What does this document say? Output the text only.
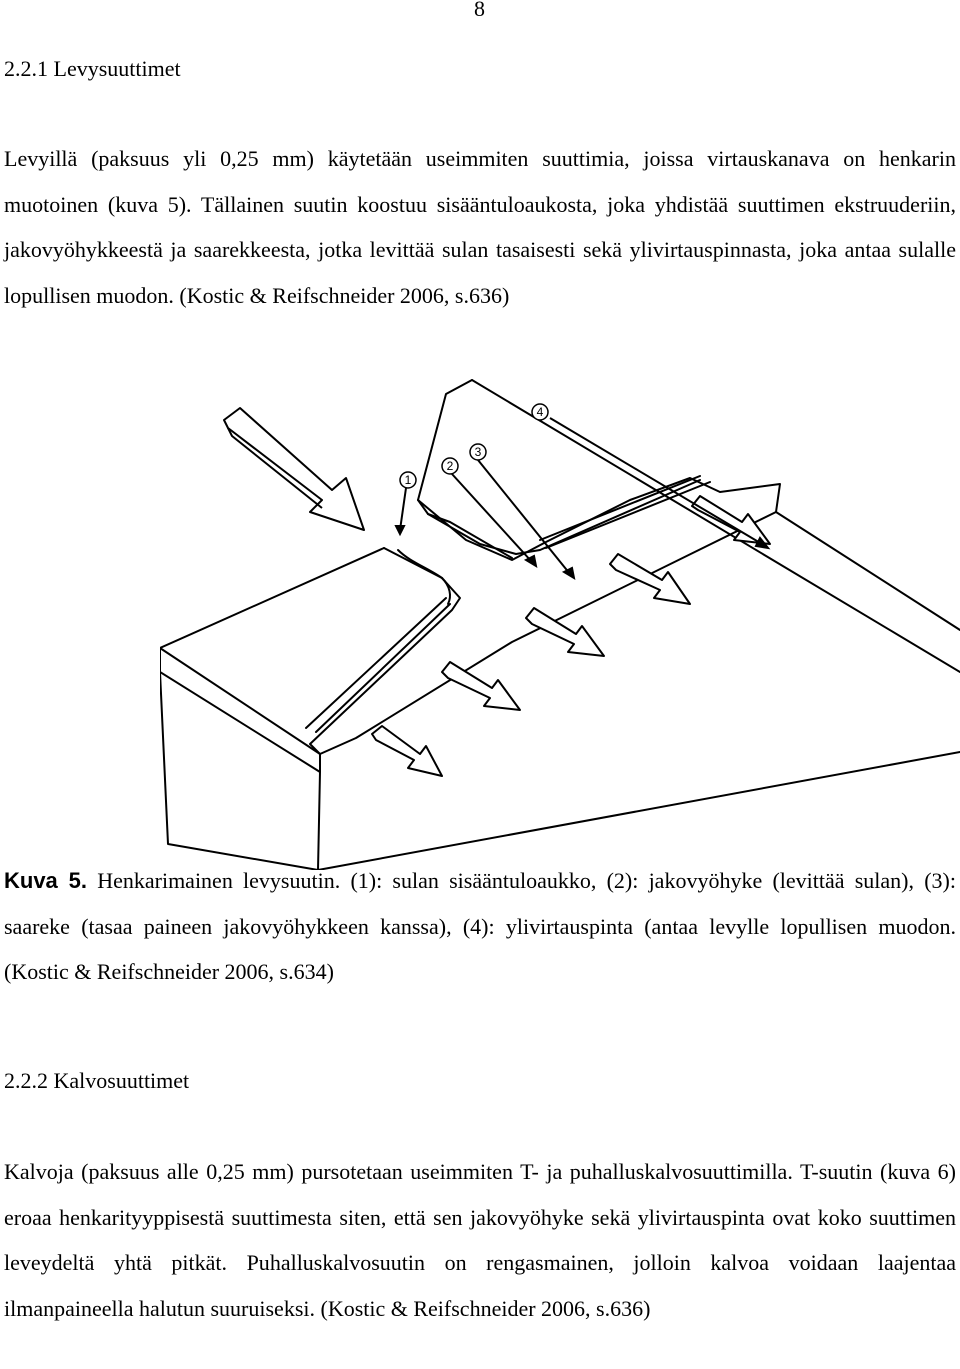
8
2.2.1 Levysuuttimet

Levyillä (paksuus yli 0,25 mm) käytetään useimmiten suuttimia, joissa virtauskanava on henkarin muotoinen (kuva 5). Tällainen suutin koostuu sisääntuloaukosta, joka yhdistää suuttimen ekstruuderiin, jakovyöhykkeestä ja saarekkeesta, jotka levittää sulan tasaisesti sekä ylivirtauspinnasta, joka antaa sulalle lopullisen muodon. (Kostic & Reifschneider 2006, s.636)

1
2
3
4

Kuva 5. Henkarimainen levysuutin. (1): sulan sisääntuloaukko, (2): jakovyöhyke (levittää sulan), (3): saareke (tasaa paineen jakovyöhykkeen kanssa), (4): ylivirtauspinta (antaa levylle lopullisen muodon. (Kostic & Reifschneider 2006, s.634)

2.2.2 Kalvosuuttimet

Kalvoja (paksuus alle 0,25 mm) pursotetaan useimmiten T- ja puhalluskalvosuuttimilla. T-suutin (kuva 6) eroaa henkarityyppisestä suuttimesta siten, että sen jakovyöhyke sekä ylivirtauspinta ovat koko suuttimen leveydeltä yhtä pitkät. Puhalluskalvosuutin on rengasmainen, jolloin kalvoa voidaan laajentaa ilmanpaineella halutun suuruiseksi. (Kostic & Reifschneider 2006, s.636)
